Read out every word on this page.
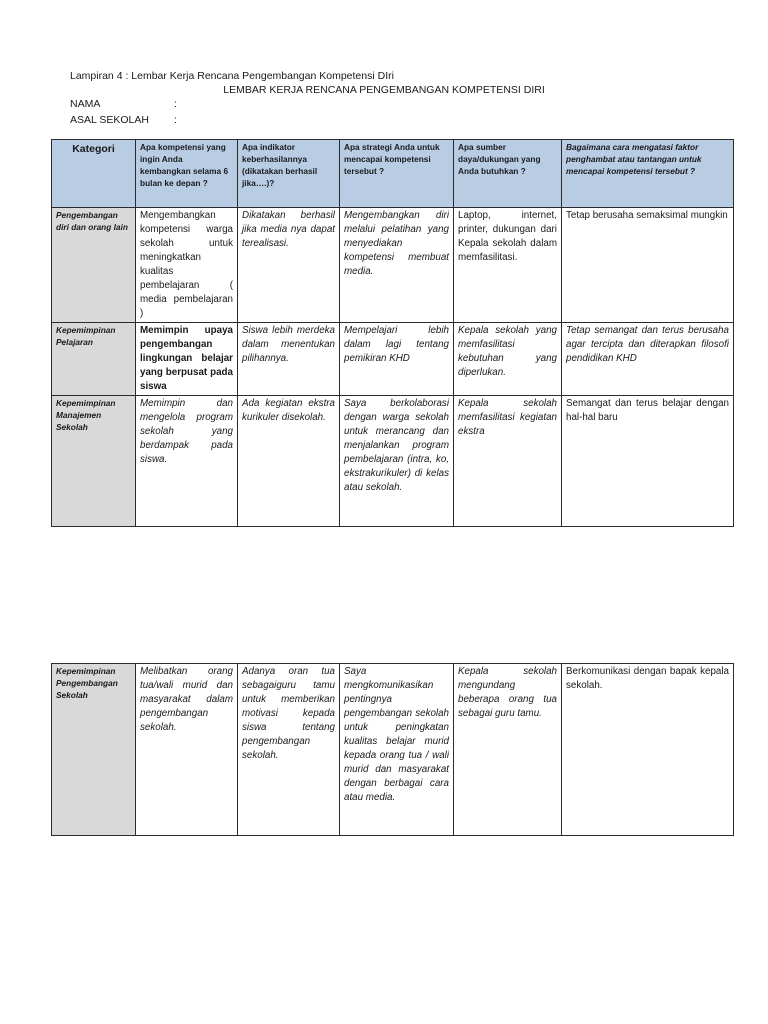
Lampiran 4 : Lembar Kerja Rencana Pengembangan Kompetensi DIri
LEMBAR KERJA RENCANA PENGEMBANGAN KOMPETENSI DIRI
NAMA	:
ASAL SEKOLAH :
Kategori	Apa kompetensi yang ingin Anda kembangkan selama 6 bulan ke depan ?	Apa indikator keberhasilannya (dikatakan berhasil jika….)?	Apa strategi Anda untuk mencapai kompetensi tersebut ?	Apa sumber daya/dukungan yang Anda butuhkan ?	Bagaimana cara mengatasi faktor penghambat atau tantangan untuk mencapai kompetensi tersebut ?
Pengembangan diri dan orang lain	Mengembangkan kompetensi warga sekolah untuk meningkatkan kualitas pembelajaran ( media pembelajaran )	Dikatakan berhasil jika media nya dapat terealisasi.	Mengembangkan diri melalui pelatihan yang menyediakan kompetensi membuat media.	Laptop, internet, printer, dukungan dari Kepala sekolah dalam memfasilitasi.	Tetap berusaha semaksimal mungkin
Kepemimpinan Pelajaran	Memimpin upaya pengembangan lingkungan belajar yang berpusat pada siswa	Siswa lebih merdeka dalam menentukan pilihannya.	Mempelajari lebih dalam lagi tentang pemikiran KHD	Kepala sekolah yang memfasilitasi kebutuhan yang diperlukan.	Tetap semangat dan terus berusaha agar tercipta dan diterapkan filosofi pendidikan KHD
Kepemimpinan Manajemen Sekolah	Memimpin dan mengelola program sekolah yang berdampak pada siswa.	Ada kegiatan ekstra kurikuler disekolah.	Saya berkolaborasi dengan warga sekolah untuk merancang dan menjalankan program pembelajaran (intra, ko, ekstrakurikuler) di kelas atau sekolah.	Kepala sekolah memfasilitasi kegiatan ekstra	Semangat dan terus belajar dengan hal-hal baru
Kepemimpinan Pengembangan Sekolah	Melibatkan orang tua/wali murid dan masyarakat dalam pengembangan sekolah.	Adanya oran tua sebagaiguru tamu untuk memberikan motivasi kepada siswa tentang pengembangan sekolah.	Saya mengkomunikasikan pentingnya pengembangan sekolah untuk peningkatan kualitas belajar murid kepada orang tua / wali murid dan masyarakat dengan berbagai cara atau media.	Kepala sekolah mengundang beberapa orang tua sebagai guru tamu.	Berkomunikasi dengan bapak kepala sekolah.
